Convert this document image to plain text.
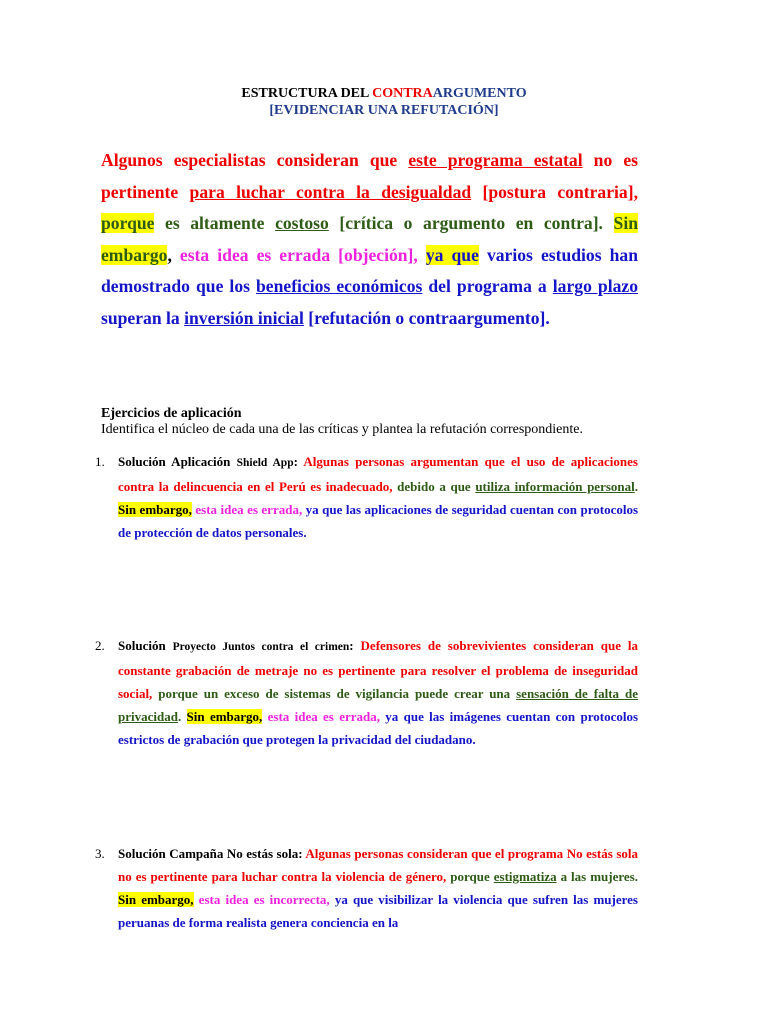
ESTRUCTURA DEL CONTRAARGUMENTO
[EVIDENCIAR UNA REFUTACIÓN]

Algunos especialistas consideran que este programa estatal no es pertinente para luchar contra la desigualdad [postura contraria], porque es altamente costoso [crítica o argumento en contra]. Sin embargo, esta idea es errada [objeción], ya que varios estudios han demostrado que los beneficios económicos del programa a largo plazo superan la inversión inicial [refutación o contraargumento].

Ejercicios de aplicación
Identifica el núcleo de cada una de las críticas y plantea la refutación correspondiente.
1. Solución Aplicación Shield App: Algunas personas argumentan que el uso de aplicaciones contra la delincuencia en el Perú es inadecuado, debido a que utiliza información personal. Sin embargo, esta idea es errada, ya que las aplicaciones de seguridad cuentan con protocolos de protección de datos personales.
2. Solución Proyecto Juntos contra el crimen: Defensores de sobrevivientes consideran que la constante grabación de metraje no es pertinente para resolver el problema de inseguridad social, porque un exceso de sistemas de vigilancia puede crear una sensación de falta de privacidad. Sin embargo, esta idea es errada, ya que las imágenes cuentan con protocolos estrictos de grabación que protegen la privacidad del ciudadano.
3. Solución Campaña No estás sola: Algunas personas consideran que el programa No estás sola no es pertinente para luchar contra la violencia de género, porque estigmatiza a las mujeres. Sin embargo, esta idea es incorrecta, ya que visibilizar la violencia que sufren las mujeres peruanas de forma realista genera conciencia en la
